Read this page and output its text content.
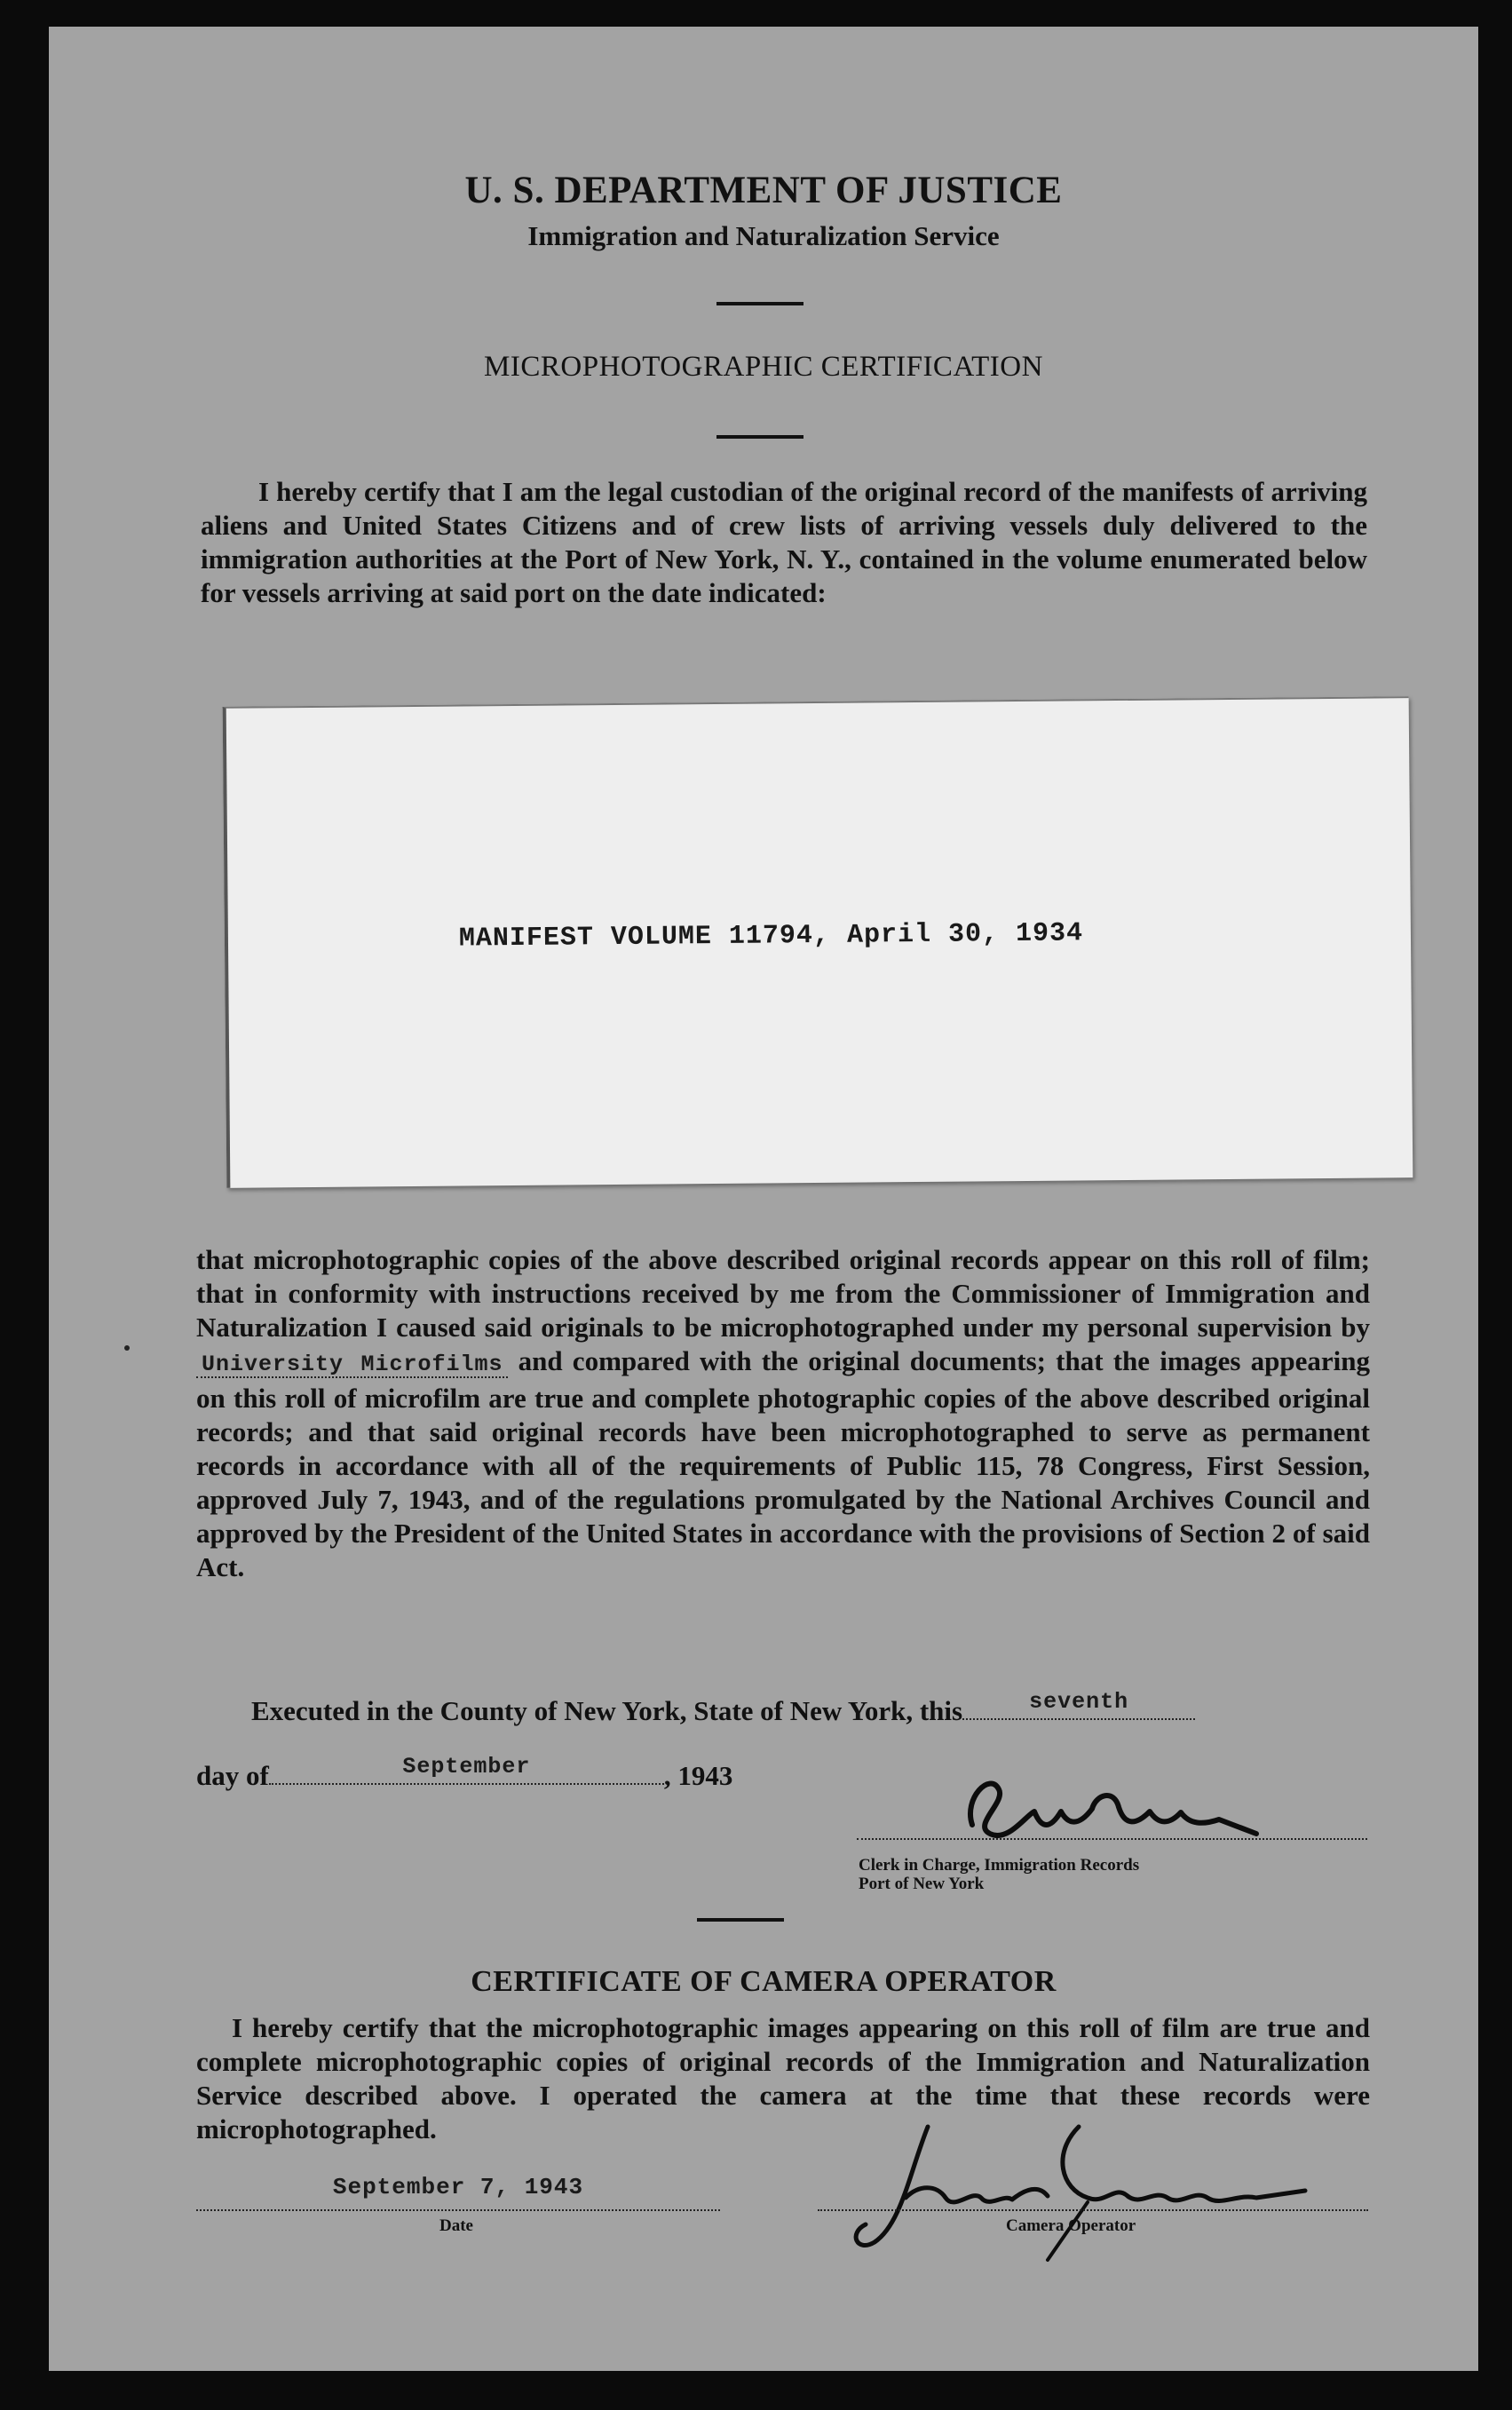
U. S. DEPARTMENT OF JUSTICE
Immigration and Naturalization Service
MICROPHOTOGRAPHIC CERTIFICATION
I hereby certify that I am the legal custodian of the original record of the manifests of arriving aliens and United States Citizens and of crew lists of arriving vessels duly delivered to the immigration authorities at the Port of New York, N. Y., contained in the volume enumerated below for vessels arriving at said port on the date indicated:
MANIFEST VOLUME 11794, April 30, 1934
that microphotographic copies of the above described original records appear on this roll of film; that in conformity with instructions received by me from the Commissioner of Immigration and Naturalization I caused said originals to be microphotographed under my personal supervision by University Microfilms and compared with the original documents; that the images appearing on this roll of microfilm are true and complete photographic copies of the above described original records; and that said original records have been microphotographed to serve as permanent records in accordance with all of the requirements of Public 115, 78 Congress, First Session, approved July 7, 1943, and of the regulations promulgated by the National Archives Council and approved by the President of the United States in accordance with the provisions of Section 2 of said Act.
Executed in the County of New York, State of New York, this	seventh
day of	September	, 1943
Clerk in Charge, Immigration Records
Port of New York
CERTIFICATE OF CAMERA OPERATOR
I hereby certify that the microphotographic images appearing on this roll of film are true and complete microphotographic copies of original records of the Immigration and Naturalization Service described above. I operated the camera at the time that these records were microphotographed.
September 7, 1943
Date	Camera Operator
